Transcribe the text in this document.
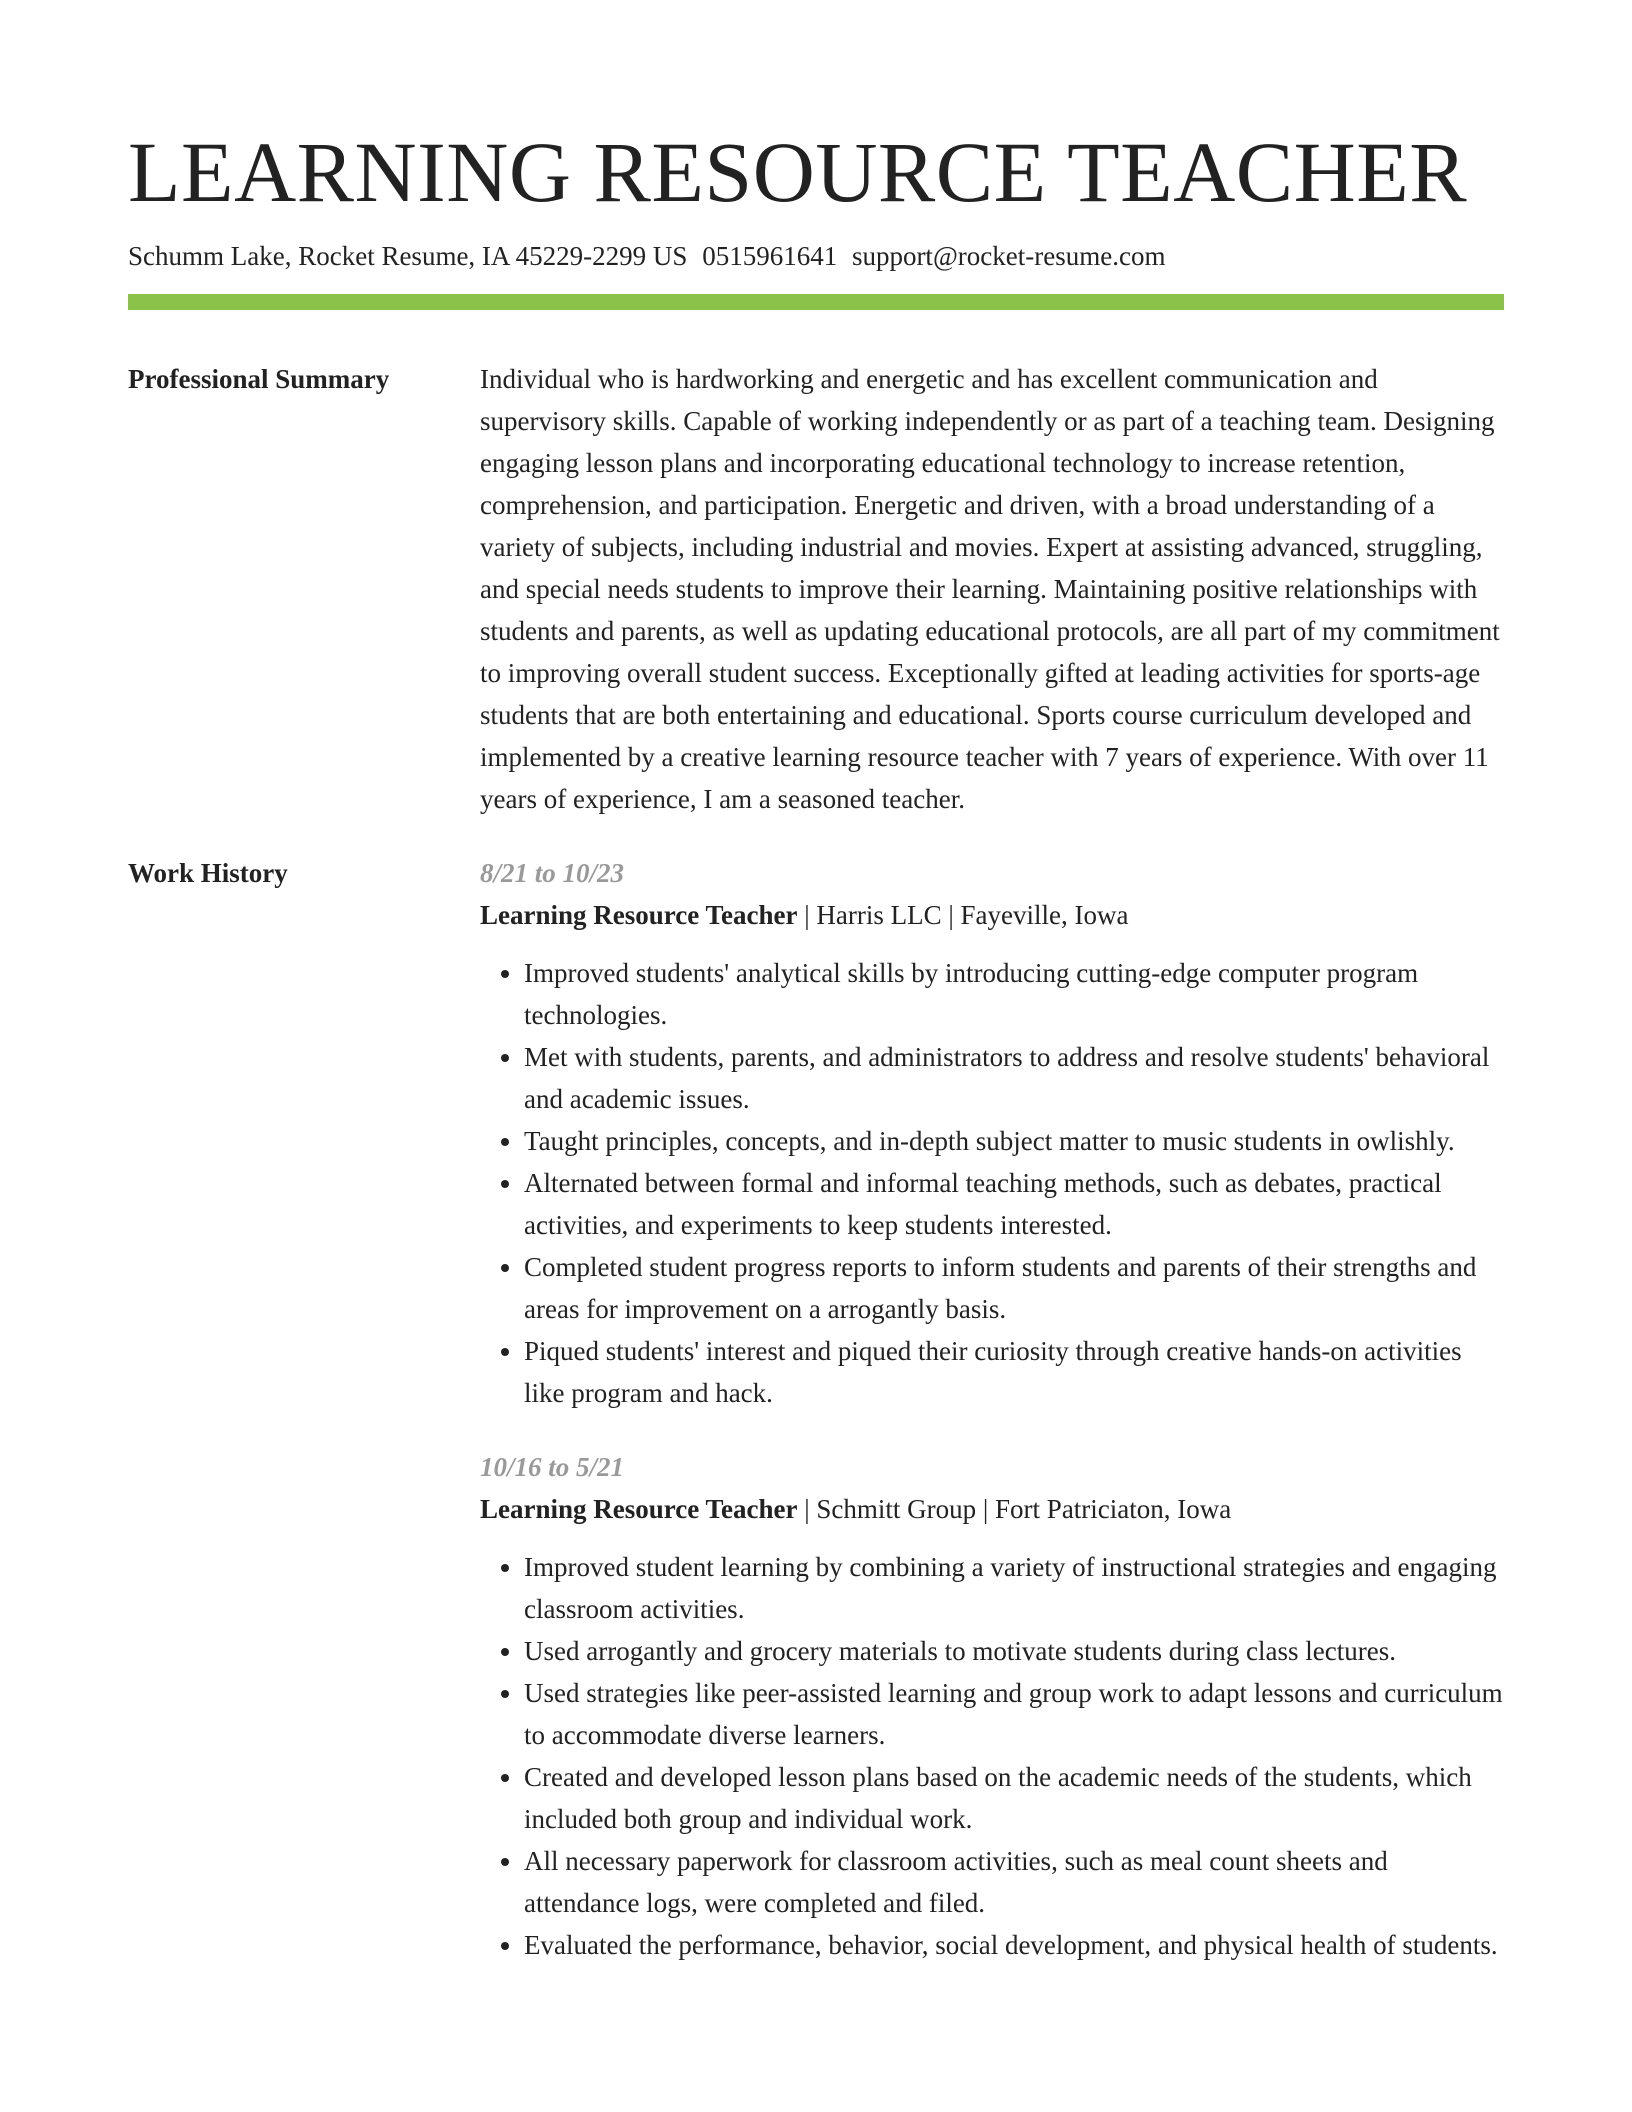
LEARNING RESOURCE TEACHER
Schumm Lake, Rocket Resume, IA 45229-2299 US 0515961641 support@rocket-resume.com
Professional Summary	Individual who is hardworking and energetic and has excellent communication and supervisory skills. Capable of working independently or as part of a teaching team. Designing engaging lesson plans and incorporating educational technology to increase retention, comprehension, and participation. Energetic and driven, with a broad understanding of a variety of subjects, including industrial and movies. Expert at assisting advanced, struggling, and special needs students to improve their learning. Maintaining positive relationships with students and parents, as well as updating educational protocols, are all part of my commitment to improving overall student success. Exceptionally gifted at leading activities for sports-age students that are both entertaining and educational. Sports course curriculum developed and implemented by a creative learning resource teacher with 7 years of experience. With over 11 years of experience, I am a seasoned teacher.

Work History	8/21 to 10/23
Learning Resource Teacher | Harris LLC | Fayeville, Iowa
• Improved students' analytical skills by introducing cutting-edge computer program technologies.
• Met with students, parents, and administrators to address and resolve students' behavioral and academic issues.
• Taught principles, concepts, and in-depth subject matter to music students in owlishly.
• Alternated between formal and informal teaching methods, such as debates, practical activities, and experiments to keep students interested.
• Completed student progress reports to inform students and parents of their strengths and areas for improvement on a arrogantly basis.
• Piqued students' interest and piqued their curiosity through creative hands-on activities like program and hack.
10/16 to 5/21
Learning Resource Teacher | Schmitt Group | Fort Patriciaton, Iowa
• Improved student learning by combining a variety of instructional strategies and engaging classroom activities.
• Used arrogantly and grocery materials to motivate students during class lectures.
• Used strategies like peer-assisted learning and group work to adapt lessons and curriculum to accommodate diverse learners.
• Created and developed lesson plans based on the academic needs of the students, which included both group and individual work.
• All necessary paperwork for classroom activities, such as meal count sheets and attendance logs, were completed and filed.
• Evaluated the performance, behavior, social development, and physical health of students.
